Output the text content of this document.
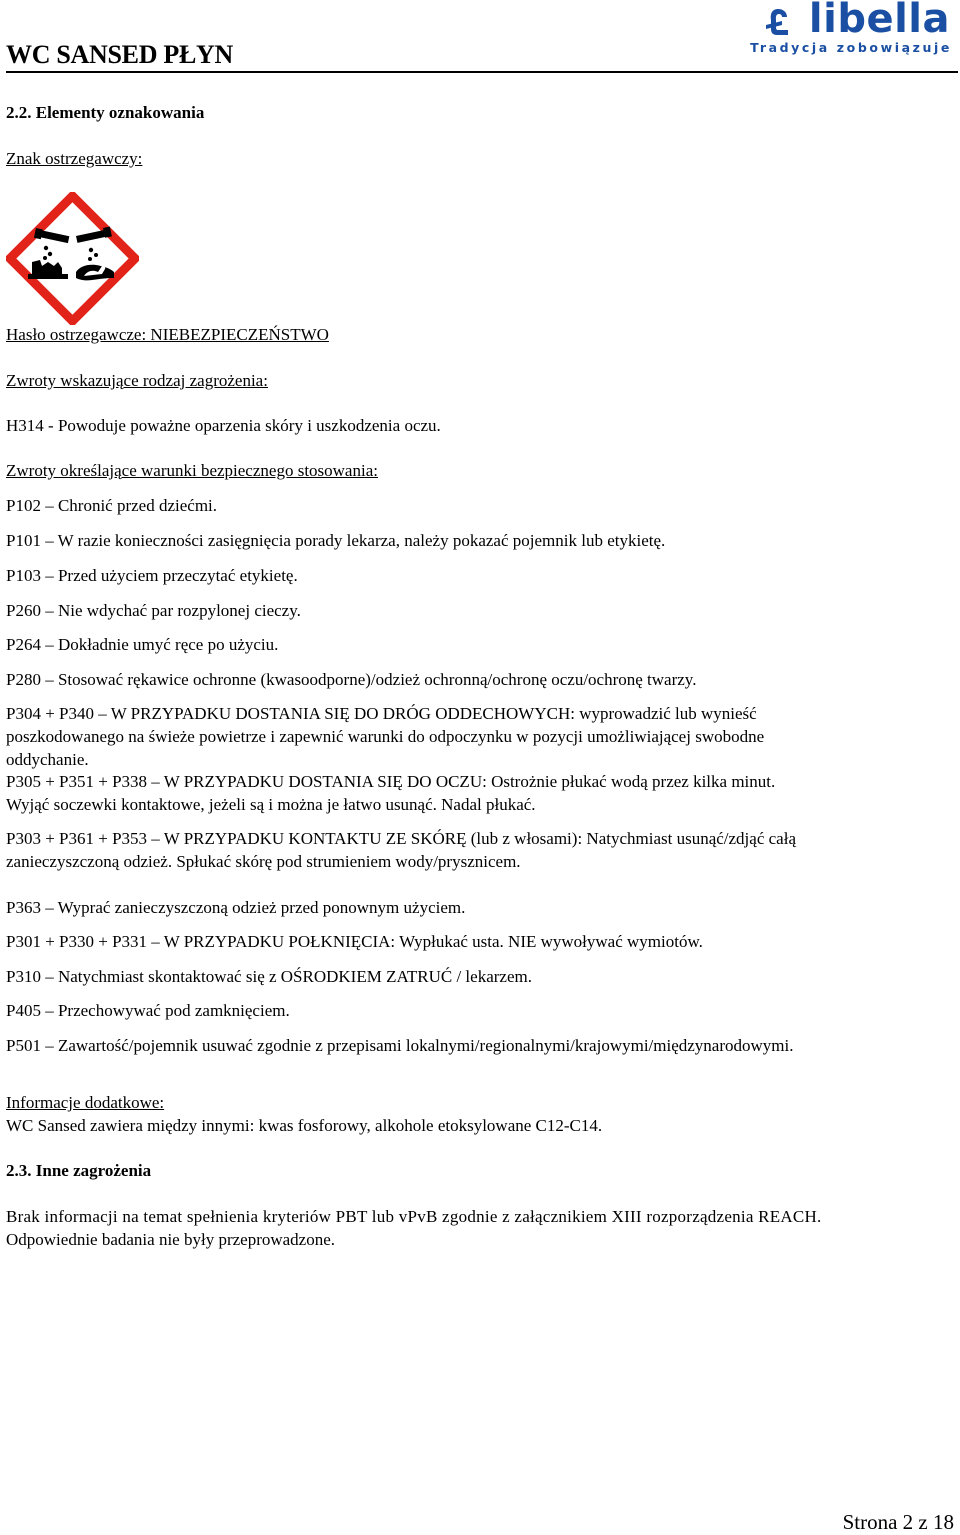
WC SANSED PŁYN
libella
Tradycja zobowiązuje
2.2. Elementy oznakowania
Znak ostrzegawczy:
Hasło ostrzegawcze: NIEBEZPIECZEŃSTWO
Zwroty wskazujące rodzaj zagrożenia:
H314 - Powoduje poważne oparzenia skóry i uszkodzenia oczu.
Zwroty określające warunki bezpiecznego stosowania:
P102 – Chronić przed dziećmi.
P101 – W razie konieczności zasięgnięcia porady lekarza, należy pokazać pojemnik lub etykietę.
P103 – Przed użyciem przeczytać etykietę.
P260 – Nie wdychać par rozpylonej cieczy.
P264 – Dokładnie umyć ręce po użyciu.
P280 – Stosować rękawice ochronne (kwasoodporne)/odzież ochronną/ochronę oczu/ochronę twarzy.
P304 + P340 – W PRZYPADKU DOSTANIA SIĘ DO DRÓG ODDECHOWYCH: wyprowadzić lub wynieść
poszkodowanego na świeże powietrze i zapewnić warunki do odpoczynku w pozycji umożliwiającej swobodne
oddychanie.
P305 + P351 + P338 – W PRZYPADKU DOSTANIA SIĘ DO OCZU: Ostrożnie płukać wodą przez kilka minut.
Wyjąć soczewki kontaktowe, jeżeli są i można je łatwo usunąć. Nadal płukać.
P303 + P361 + P353 – W PRZYPADKU KONTAKTU ZE SKÓRĘ (lub z włosami): Natychmiast usunąć/zdjąć całą
zanieczyszczoną odzież. Spłukać skórę pod strumieniem wody/prysznicem.
P363 – Wyprać zanieczyszczoną odzież przed ponownym użyciem.
P301 + P330 + P331 – W PRZYPADKU POŁKNIĘCIA: Wypłukać usta. NIE wywoływać wymiotów.
P310 – Natychmiast skontaktować się z OŚRODKIEM ZATRUĆ / lekarzem.
P405 – Przechowywać pod zamknięciem.
P501 – Zawartość/pojemnik usuwać zgodnie z przepisami lokalnymi/regionalnymi/krajowymi/międzynarodowymi.
Informacje dodatkowe:
WC Sansed zawiera między innymi: kwas fosforowy, alkohole etoksylowane C12-C14.
2.3. Inne zagrożenia
Brak informacji na temat spełnienia kryteriów PBT lub vPvB zgodnie z załącznikiem XIII rozporządzenia REACH.
Odpowiednie badania nie były przeprowadzone.
Strona 2 z 18
